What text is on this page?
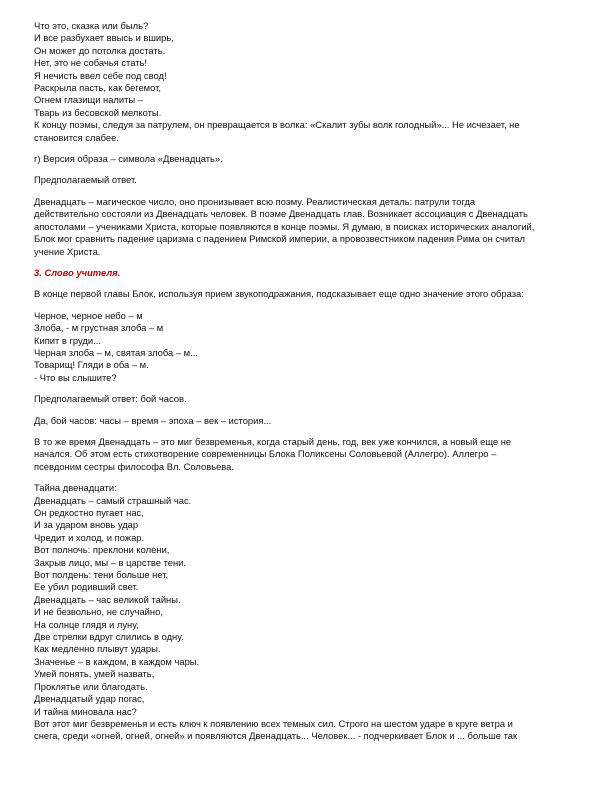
Что это, сказка или быль?
И все разбухает ввысь и вширь,
Он может до потолка достать.
Нет, это не собачья стать!
Я нечисть ввел себе под свод!
Раскрыла пасть, как бегемот,
Огнем глазищи налиты –
Тварь из бесовской мелкоты.
К концу поэмы, следуя за патрулем, он превращается в волка: «Скалит зубы волк голодный»... Не исчезает, не
становится слабее.
г) Версия образа – символа «Двенадцать».
Предполагаемый ответ.
Двенадцать – магическое число, оно пронизывает всю поэму. Реалистическая деталь: патрули тогда
действительно состояли из Двенадцать человек. В поэме Двенадцать глав. Возникает ассоциация с Двенадцать
апостолами – учениками Христа, которые появляются в конце поэмы. Я думаю, в поисках исторических аналогий,
Блок мог сравнить падение царизма с падением Римской империи, а провозвестником падения Рима он считал
учение Христа.
3. Слово учителя.
В конце первой главы Блок, используя прием звукоподражания, подсказывает еще одно значение этого образа:
Черное, черное небо – м
Злоба, - м грустная злоба – м
Кипит в груди...
Черная злоба – м, святая злоба – м...
Товарищ! Гляди в оба – м.
- Что вы слышите?
Предполагаемый ответ: бой часов.
Да, бой часов: часы – время – эпоха – век – история...
В то же время Двенадцать – это миг безвременья, когда старый день, год, век уже кончился, а новый еще не
начался. Об этом есть стихотворение современницы Блока Поликсены Соловьевой (Аллегро). Аллегро –
псевдоним сестры философа Вл. Соловьева.
Тайна двенадцати:
Двенадцать – самый страшный час.
Он редкостно пугает нас,
И за ударом вновь удар
Чредит и холод, и пожар.
Вот полночь: преклони колени,
Закрыв лицо, мы – в царстве тени.
Вот полдень: тени больше нет,
Ее убил родивший свет.
Двенадцать – час великой тайны.
И не безвольно, не случайно,
На солнце глядя и луну,
Две стрелки вдруг слились в одну.
Как медленно плывут удары.
Значенье – в каждом, в каждом чары.
Умей понять, умей назвать,
Проклятье или благодать.
Двенадцатый удар погас,
И тайна миновала нас?
Вот этот миг безвременья и есть ключ к появлению всех темных сил. Строго на шестом ударе в круге ветра и
снега, среди «огней, огней, огней» и появляются Двенадцать... Человек... - подчеркивает Блок и ... больше так
